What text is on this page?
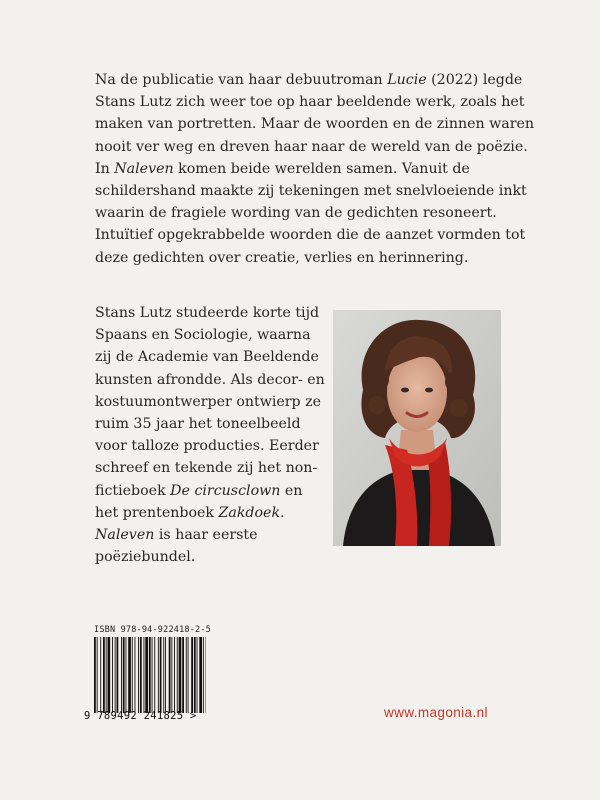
Na de publicatie van haar debuutroman Lucie (2022) legde Stans Lutz zich weer toe op haar beeldende werk, zoals het maken van portretten. Maar de woorden en de zinnen waren nooit ver weg en dreven haar naar de wereld van de poëzie. In Naleven komen beide werelden samen. Vanuit de schildershand maakte zij tekeningen met snelvloeiende inkt waarin de fragiele wording van de gedichten resoneert. Intuïtief opgekrabbelde woorden die de aanzet vormden tot deze gedichten over creatie, verlies en herinnering.

Stans Lutz studeerde korte tijd Spaans en Sociologie, waarna zij de Academie van Beeldende kunsten afrondde. Als decor- en kostuumontwerper ontwierp ze ruim 35 jaar het toneelbeeld voor talloze producties. Eerder schreef en tekende zij het non-fictieboek De circusclown en het prentenboek Zakdoek. Naleven is haar eerste poëziebundel.

ISBN 978-94-922418-2-5
9 789492 241825 >	www.magonia.nl
